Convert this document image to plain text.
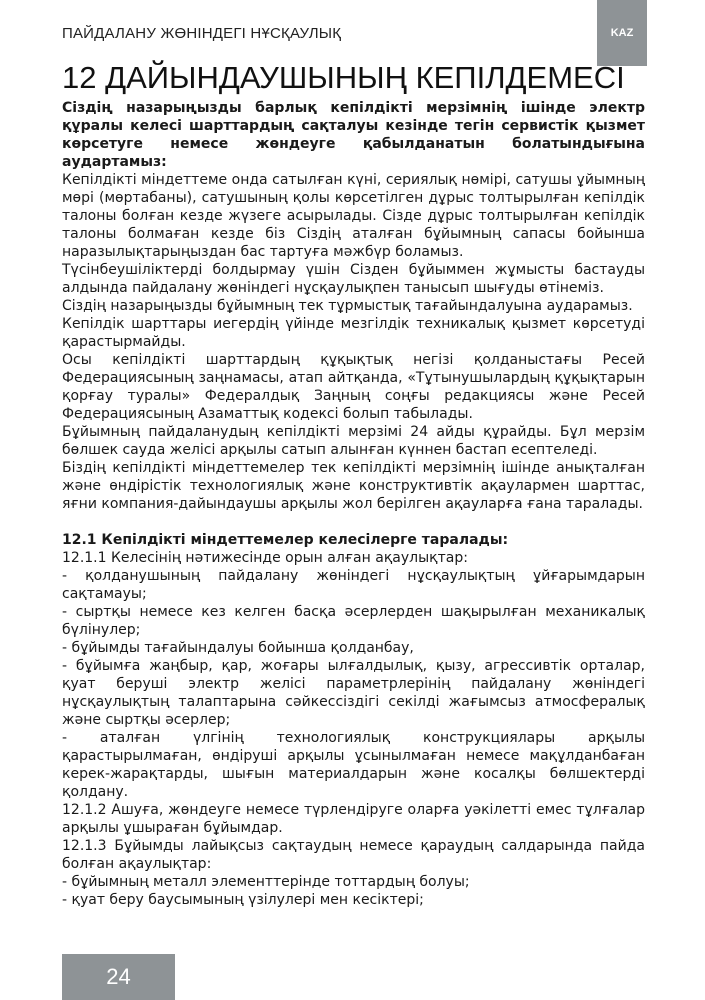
ПАЙДАЛАНУ ЖӨНІНДЕГІ НҰСҚАУЛЫҚ	KAZ
12 ДАЙЫНДАУШЫНЫҢ КЕПІЛДЕМЕСІ

Сіздің назарыңызды барлық кепілдікті мерзімнің ішінде электр құралы келесі шарттардың сақталуы кезінде тегін сервистік қызмет көрсетуге немесе жөндеуге қабылданатын болатындығына аудартамыз:

Кепілдікті міндеттеме онда сатылған күні, сериялық нөмірі, сатушы ұйымның мөрі (мөртабаны), сатушының қолы көрсетілген дұрыс толтырылған кепілдік талоны болған кезде жүзеге асырылады. Сізде дұрыс толтырылған кепілдік талоны болмаған кезде біз Сіздің аталған бұйымның сапасы бойынша наразылықтарыңыздан бас тартуға мәжбүр боламыз.

Түсінбеушіліктерді болдырмау үшін Сізден бұйыммен жұмысты бастауды алдында пайдалану жөніндегі нұсқаулықпен танысып шығуды өтінеміз.

Сіздің назарыңызды бұйымның тек тұрмыстық тағайындалуына аударамыз.

Кепілдік шарттары иегердің үйінде мезгілдік техникалық қызмет көрсетуді қарастырмайды.

Осы кепілдікті шарттардың құқықтық негізі қолданыстағы Ресей Федерациясының заңнамасы, атап айтқанда, «Тұтынушылардың құқықтарын қорғау туралы» Федералдық Заңның соңғы редакциясы және Ресей Федерациясының Азаматтық кодексі болып табылады.

Бұйымның пайдаланудың кепілдікті мерзімі 24 айды құрайды. Бұл мерзім бөлшек сауда желісі арқылы сатып алынған күннен бастап есептеледі.

Біздің кепілдікті міндеттемелер тек кепілдікті мерзімнің ішінде анықталған және өндірістік технологиялық және конструктивтік ақаулармен шарттас, яғни компания-дайындаушы арқылы жол берілген ақауларға ғана таралады.

12.1 Кепілдікті міндеттемелер келесілерге таралады:

12.1.1 Келесінің нәтижесінде орын алған ақаулықтар:

- қолданушының пайдалану жөніндегі нұсқаулықтың ұйғарымдарын сақтамауы;

- сыртқы немесе кез келген басқа әсерлерден шақырылған механикалық бүлінулер;

- бұйымды тағайындалуы бойынша қолданбау,

- бұйымға жаңбыр, қар, жоғары ылғалдылық, қызу, агрессивтік орталар, қуат беруші электр желісі параметрлерінің пайдалану жөніндегі нұсқаулықтың талаптарына сәйкессіздігі секілді жағымсыз атмосфералық және сыртқы әсерлер;

- аталған үлгінің технологиялық конструкциялары арқылы қарастырылмаған, өндіруші арқылы ұсынылмаған немесе мақұлданбаған керек-жарақтарды, шығын материалдарын және косалқы бөлшектерді қолдану.

12.1.2 Ашуға, жөндеуге немесе түрлендіруге оларға уәкілетті емес тұлғалар арқылы ұшыраған бұйымдар.

12.1.3 Бұйымды лайықсыз сақтаудың немесе қараудың салдарында пайда болған ақаулықтар:

- бұйымның металл элементтерінде тоттардың болуы;

- қуат беру баусымының үзілулері мен кесіктері;

24
